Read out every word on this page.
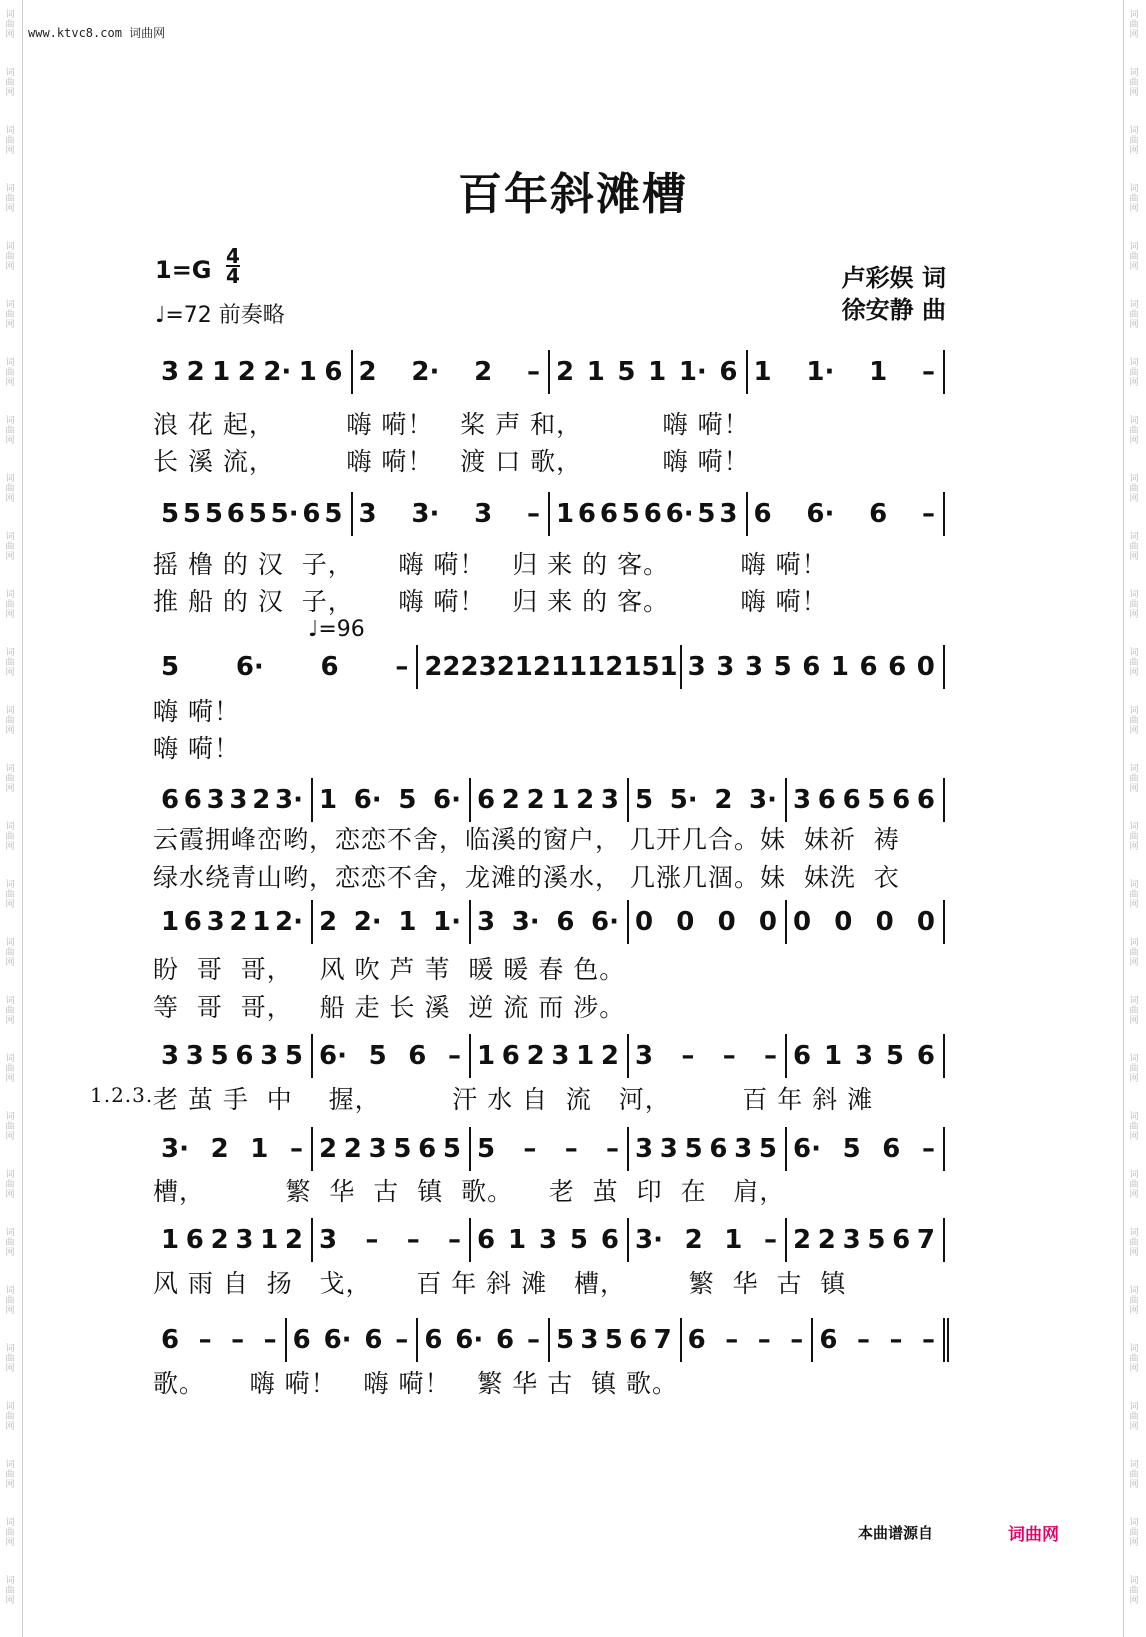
词曲网
词曲网
词曲网
词曲网
词曲网
词曲网
词曲网
词曲网
词曲网
词曲网
词曲网
词曲网
词曲网
词曲网
词曲网
词曲网
词曲网
词曲网
词曲网
词曲网
词曲网
词曲网
词曲网
词曲网
词曲网
词曲网
词曲网
词曲网
词曲网
词曲网
词曲网
词曲网
词曲网
词曲网
词曲网
词曲网
词曲网
词曲网
词曲网
词曲网
词曲网
词曲网
词曲网
词曲网
词曲网
词曲网
词曲网
词曲网
词曲网
词曲网
词曲网
词曲网
词曲网
词曲网
词曲网
词曲网
www.ktvc8.com 词曲网
百年斜滩槽
1=G 4

4
♩=72 前奏略
卢彩娱 词
徐安静 曲
♩=96
3 2 1 2 2· 1 6 2 2· 2 – 2 1 5 1 1· 6 1 1· 1 –
浪 花 起，        嗨 嗬！   桨 声 和，         嗨 嗬！
长 溪 流，        嗨 嗬！   渡 口 歌，         嗨 嗬！
5 5 5 6 5 5· 6 5 3 3· 3 – 1 6 6 5 6 6· 5 3 6 6· 6 –
摇 橹 的 汉  子，     嗨 嗬！   归 来 的 客。        嗨 嗬！
推 船 的 汉  子，     嗨 嗬！   归 来 的 客。        嗨 嗬！
5 6· 6 – 2 2 2 3 2 1 2 1 1 1 2 1 5 1 3 3 3 5 6 1 6 6 0
嗨 嗬！
嗨 嗬！
6 6 3 3 2 3· 1 6· 5 6· 6 2 2 1 2 3 5 5· 2 3· 3 6 6 5 6 6
云霞拥峰峦哟，恋恋不舍，临溪的窗户， 几开几合。妹  妹祈  祷
绿水绕青山哟，恋恋不舍，龙滩的溪水， 几涨几涸。妹  妹洗  衣
1 6 3 2 1 2· 2 2· 1 1· 3 3· 6 6· 0 0 0 0 0 0 0 0
盼  哥  哥，   风 吹 芦 苇  暖 暖 春 色。
等  哥  哥，   船 走 长 溪  逆 流 而 涉。
3 3 5 6 3 5 6· 5 6 – 1 6 2 3 1 2 3 – – – 6 1 3 5 6
老 茧 手  中    握，        汗 水 自  流   河，        百 年 斜 滩
1.2.3.
3· 2 1 – 2 2 3 5 6 5 5 – – – 3 3 5 6 3 5 6· 5 6 –
槽，         繁  华  古  镇  歌。    老  茧  印  在   肩，
1 6 2 3 1 2 3 – – – 6 1 3 5 6 3· 2 1 – 2 2 3 5 6 7
风 雨 自  扬   戈，     百 年 斜 滩   槽，       繁  华  古  镇
6 – – – 6 6· 6 – 6 6· 6 – 5 3 5 6 7 6 – – – 6 – – –
歌。     嗨 嗬！   嗨 嗬！   繁 华 古  镇 歌。
本曲谱源自	词曲网
